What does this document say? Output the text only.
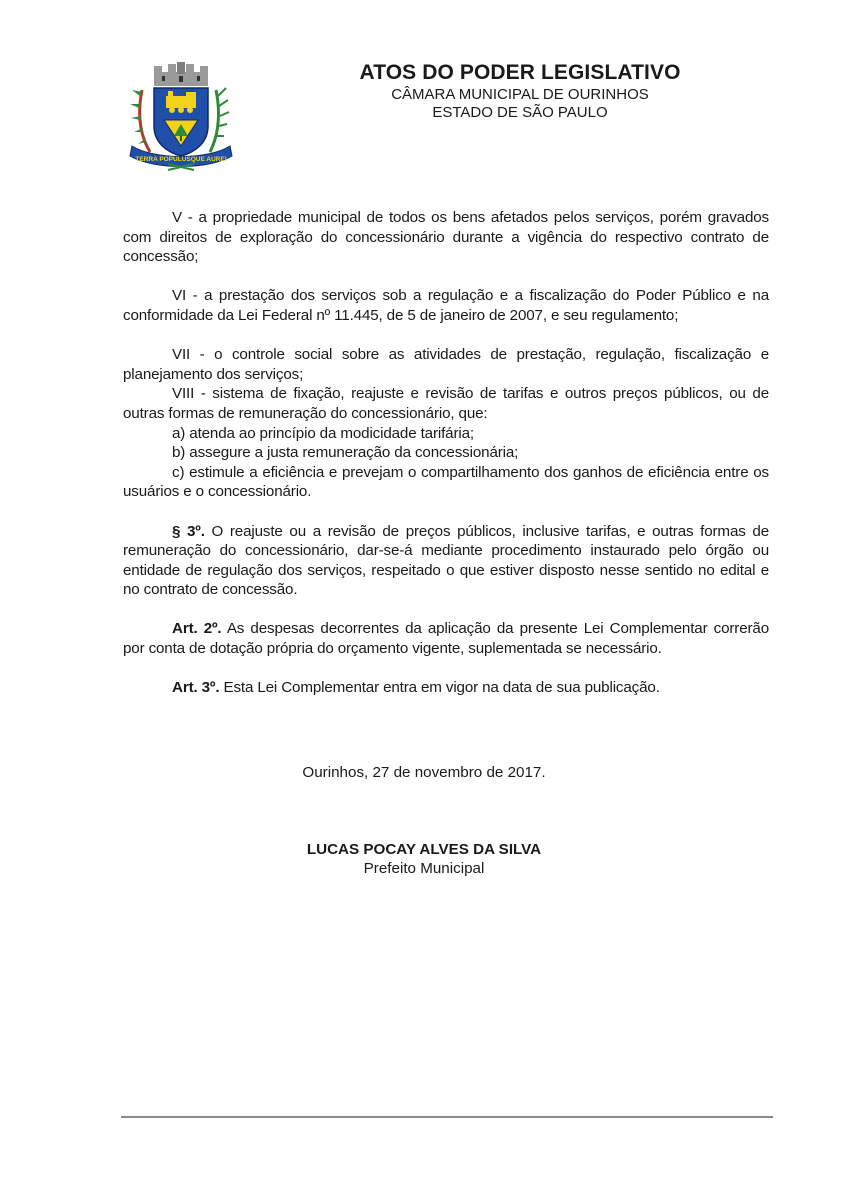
TERRA POPULUSQUE AUREI
ATOS DO PODER LEGISLATIVO
CÂMARA MUNICIPAL DE OURINHOS
ESTADO DE SÃO PAULO

V - a propriedade municipal de todos os bens afetados pelos serviços, porém gravados com direitos de exploração do concessionário durante a vigência do respectivo contrato de concessão;

VI - a prestação dos serviços sob a regulação e a fiscalização do Poder Público e na conformidade da Lei Federal nº 11.445, de 5 de janeiro de 2007, e seu regulamento;

VII - o controle social sobre as atividades de prestação, regulação, fiscalização e planejamento dos serviços;

VIII - sistema de fixação, reajuste e revisão de tarifas e outros preços públicos, ou de outras formas de remuneração do concessionário, que:

a) atenda ao princípio da modicidade tarifária;

b) assegure a justa remuneração da concessionária;

c) estimule a eficiência e prevejam o compartilhamento dos ganhos de eficiência entre os usuários e o concessionário.

§ 3º. O reajuste ou a revisão de preços públicos, inclusive tarifas, e outras formas de remuneração do concessionário, dar-se-á mediante procedimento instaurado pelo órgão ou entidade de regulação dos serviços, respeitado o que estiver disposto nesse sentido no edital e no contrato de concessão.

Art. 2º. As despesas decorrentes da aplicação da presente Lei Complementar correrão por conta de dotação própria do orçamento vigente, suplementada se necessário.

Art. 3º. Esta Lei Complementar entra em vigor na data de sua publicação.

Ourinhos, 27 de novembro de 2017.
LUCAS POCAY ALVES DA SILVA
Prefeito Municipal
